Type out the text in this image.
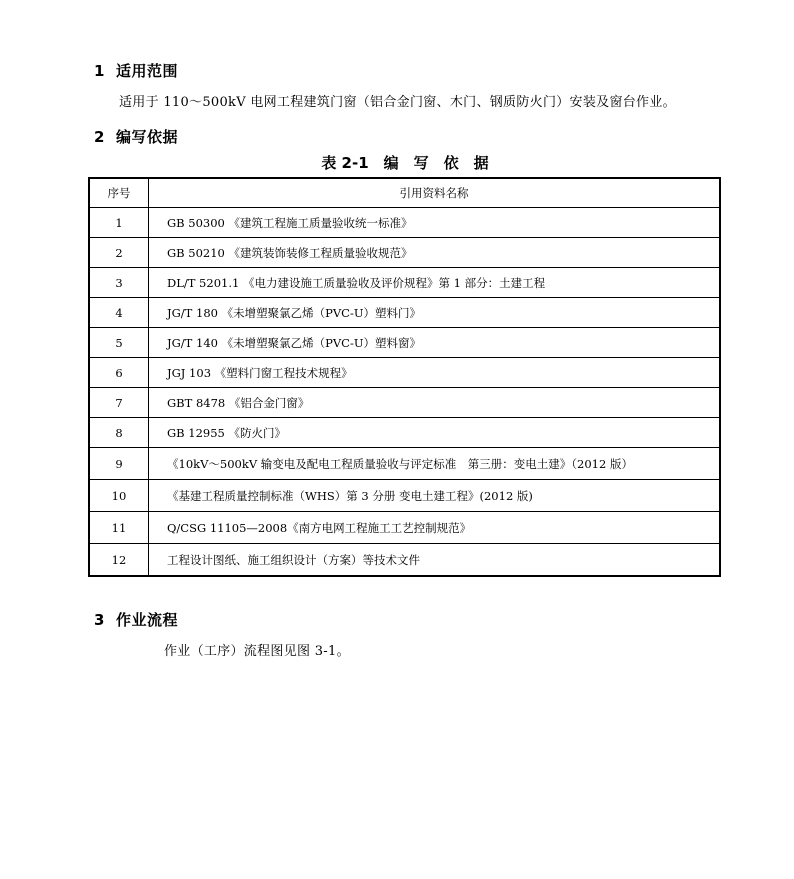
1 适用范围
适用于 110～500kV 电网工程建筑门窗（铝合金门窗、木门、钢质防火门）安装及窗台作业。
2 编写依据
表 2-1　编　写　依　据
序号	引用资料名称
1	GB 50300 《建筑工程施工质量验收统一标准》
2	GB 50210 《建筑装饰装修工程质量验收规范》
3	DL/T 5201.1 《电力建设施工质量验收及评价规程》第 1 部分：土建工程
4	JG/T 180 《未增塑聚氯乙烯（PVC-U）塑料门》
5	JG/T 140 《未增塑聚氯乙烯（PVC-U）塑料窗》
6	JGJ 103 《塑料门窗工程技术规程》
7	GBT 8478 《铝合金门窗》
8	GB 12955 《防火门》
9	《10kV～500kV 输变电及配电工程质量验收与评定标准　第三册：变电土建》（2012 版）
10	《基建工程质量控制标准（WHS）第 3 分册 变电土建工程》(2012 版)
11	Q/CSG 11105—2008《南方电网工程施工工艺控制规范》
12	工程设计图纸、施工组织设计（方案）等技术文件
3 作业流程
作业（工序）流程图见图 3-1。
